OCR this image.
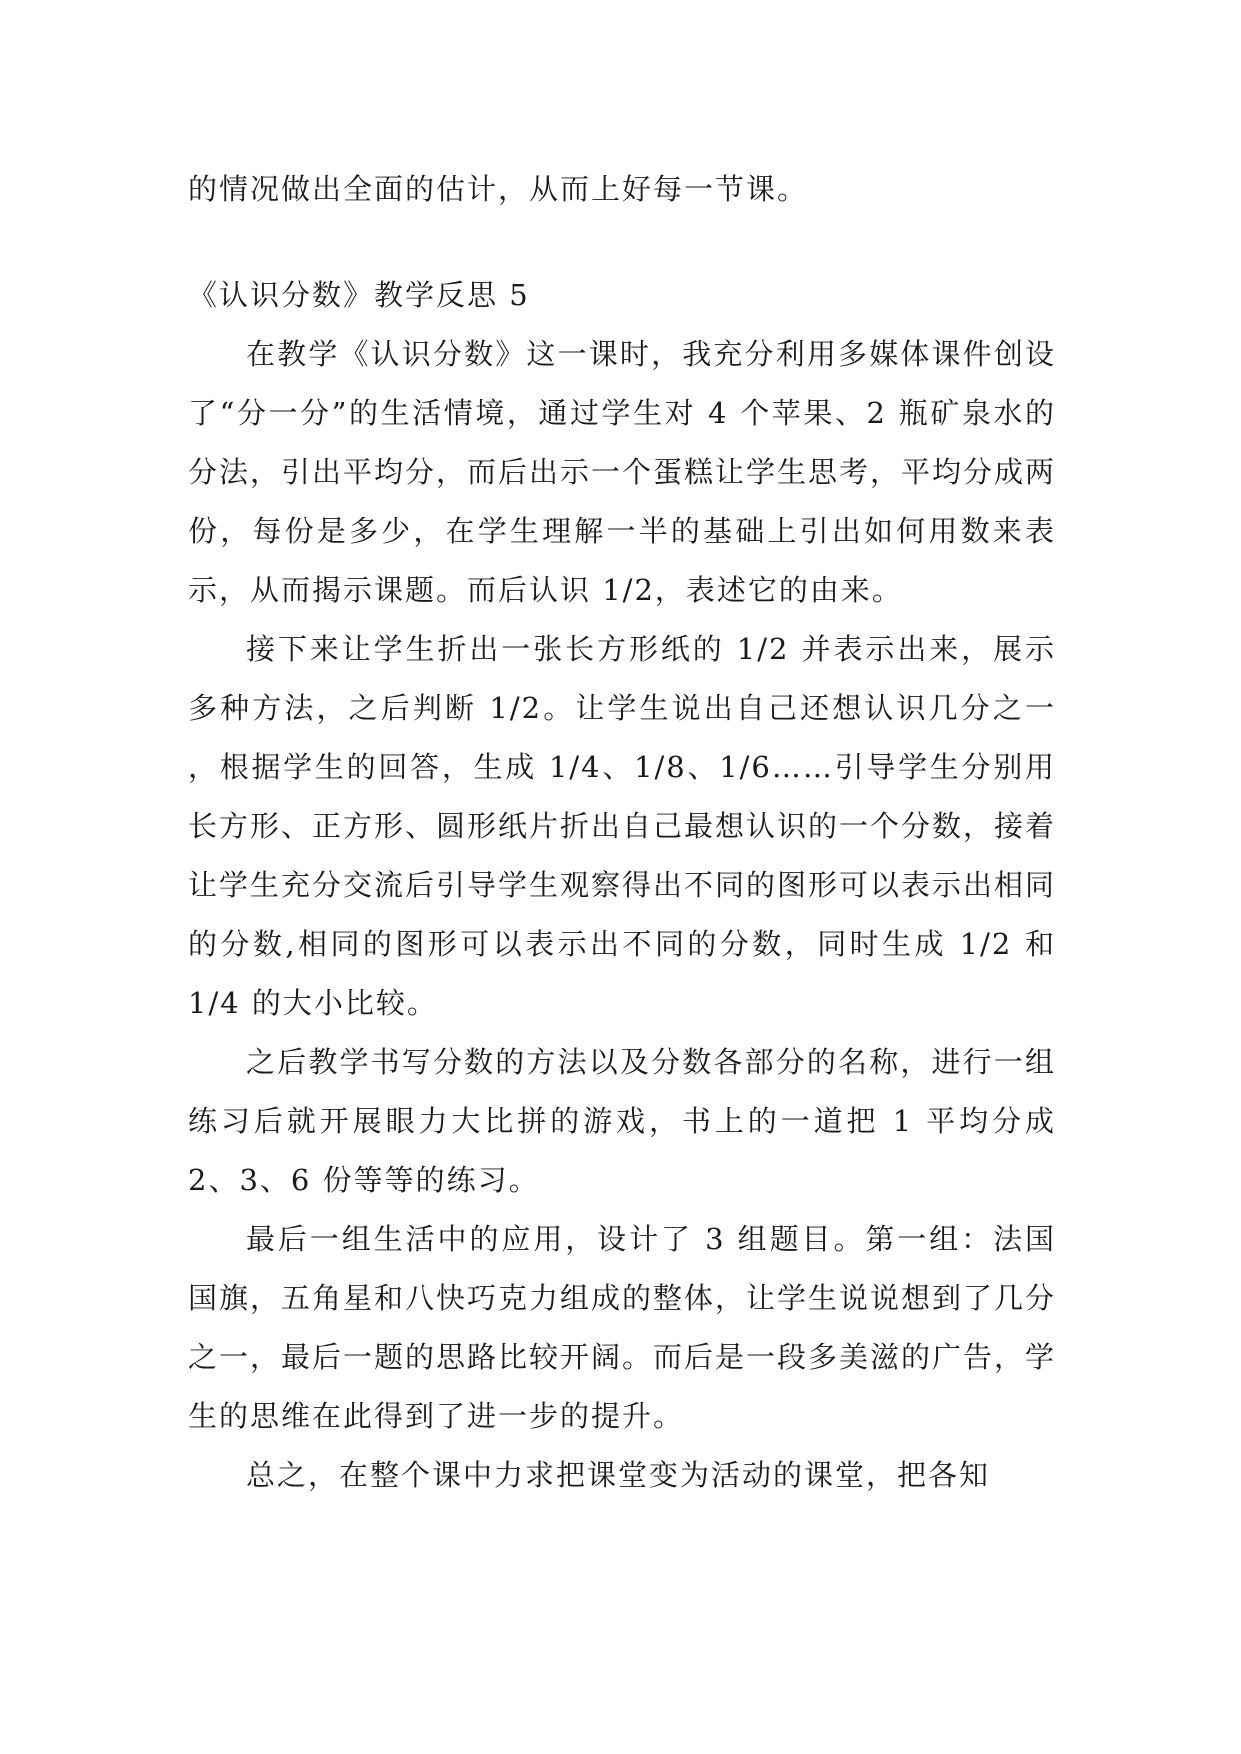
的情况做出全面的估计，从而上好每一节课。

《认识分数》教学反思 5

在教学《认识分数》这一课时，我充分利用多媒体课件创设了“分一分”的生活情境，通过学生对 4 个苹果、2 瓶矿泉水的分法，引出平均分，而后出示一个蛋糕让学生思考，平均分成两份，每份是多少，在学生理解一半的基础上引出如何用数来表示，从而揭示课题。而后认识 1/2，表述它的由来。

接下来让学生折出一张长方形纸的 1/2 并表示出来，展示多种方法，之后判断 1/2。让学生说出自己还想认识几分之一 ，根据学生的回答，生成 1/4、1/8、1/6……引导学生分别用长方形、正方形、圆形纸片折出自己最想认识的一个分数，接着让学生充分交流后引导学生观察得出不同的图形可以表示出相同的分数,相同的图形可以表示出不同的分数，同时生成 1/2 和 1/4 的大小比较。

之后教学书写分数的方法以及分数各部分的名称，进行一组练习后就开展眼力大比拼的游戏，书上的一道把 1 平均分成 2、3、6 份等等的练习。

最后一组生活中的应用，设计了 3 组题目。第一组：法国国旗，五角星和八快巧克力组成的整体，让学生说说想到了几分之一，最后一题的思路比较开阔。而后是一段多美滋的广告，学生的思维在此得到了进一步的提升。

总之，在整个课中力求把课堂变为活动的课堂，把各知
